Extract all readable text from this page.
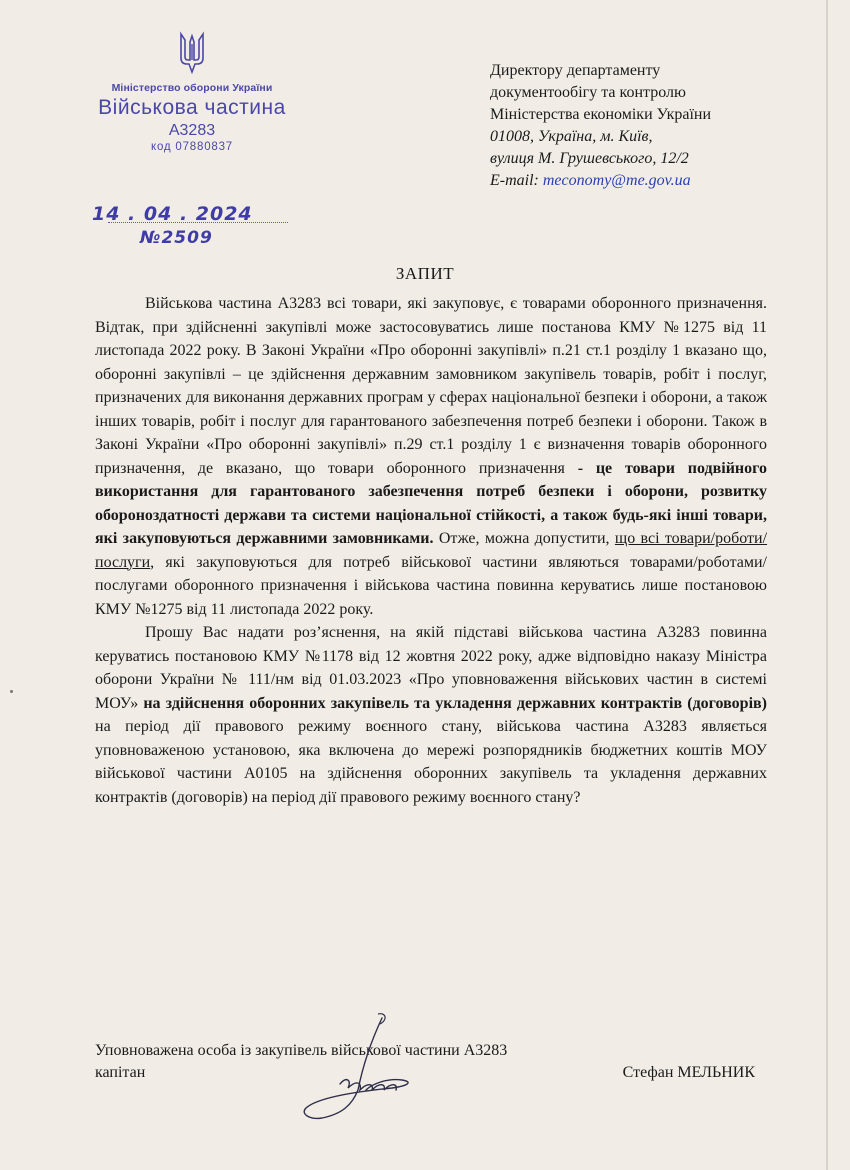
Міністерство оборони України
Військова частина
А3283
код 07880837
14 . 04 . 2024
№2509
Директору департаменту
документообігу та контролю
Міністерства економіки України
01008, Україна, м. Київ,
вулиця М. Грушевського, 12/2
E-mail: meconomy@me.gov.ua
ЗАПИТ

Військова частина А3283 всі товари, які закуповує, є товарами оборонного призначення. Відтак, при здійсненні закупівлі може застосовуватись лише постанова КМУ №1275 від 11 листопада 2022 року. В Законі України «Про оборонні закупівлі» п.21 ст.1 розділу 1 вказано що, оборонні закупівлі – це здійснення державним замовником закупівель товарів, робіт і послуг, призначених для виконання державних програм у сферах національної безпеки і оборони, а також інших товарів, робіт і послуг для гарантованого забезпечення потреб безпеки і оборони. Також в Законі України «Про оборонні закупівлі» п.29 ст.1 розділу 1 є визначення товарів оборонного призначення, де вказано, що товари оборонного призначення - це товари подвійного використання для гарантованого забезпечення потреб безпеки і оборони, розвитку обороноздатності держави та системи національної стійкості, а також будь-які інші товари, які закуповуються державними замовниками. Отже, можна допустити, що всі товари/роботи/послуги, які закуповуються для потреб військової частини являються товарами/роботами/послугами оборонного призначення і військова частина повинна керуватись лише постановою КМУ №1275 від 11 листопада 2022 року.

Прошу Вас надати роз’яснення, на якій підставі військова частина А3283 повинна керуватись постановою КМУ №1178 від 12 жовтня 2022 року, адже відповідно наказу Міністра оборони України № 111/нм від 01.03.2023 «Про уповноваження військових частин в системі МОУ» на здійснення оборонних закупівель та укладення державних контрактів (договорів) на період дії правового режиму воєнного стану, військова частина А3283 являється уповноваженою установою, яка включена до мережі розпорядників бюджетних коштів МОУ військової частини А0105 на здійснення оборонних закупівель та укладення державних контрактів (договорів) на період дії правового режиму воєнного стану?

Уповноважена особа із закупівель військової частини А3283
капітан	Стефан МЕЛЬНИК
